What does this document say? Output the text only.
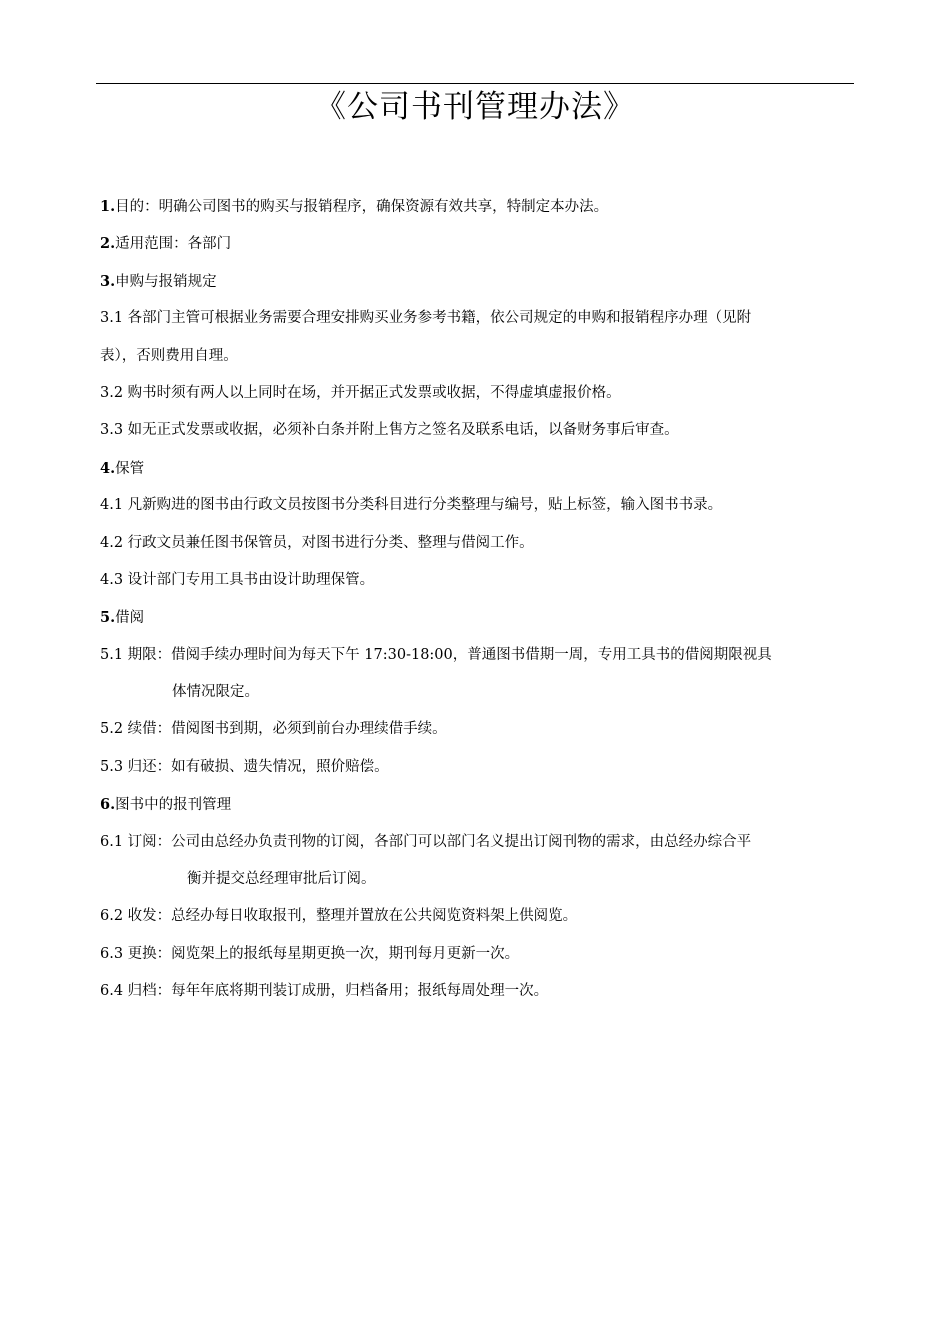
《公司书刊管理办法》
1.目的：明确公司图书的购买与报销程序，确保资源有效共享，特制定本办法。
2.适用范围：各部门
3.申购与报销规定
3.1 各部门主管可根据业务需要合理安排购买业务参考书籍，依公司规定的申购和报销程序办理（见附
表），否则费用自理。
3.2 购书时须有两人以上同时在场，并开据正式发票或收据，不得虚填虚报价格。
3.3 如无正式发票或收据，必须补白条并附上售方之签名及联系电话，以备财务事后审查。
4.保管
4.1 凡新购进的图书由行政文员按图书分类科目进行分类整理与编号，贴上标签，输入图书书录。
4.2 行政文员兼任图书保管员，对图书进行分类、整理与借阅工作。
4.3 设计部门专用工具书由设计助理保管。
5.借阅
5.1 期限：借阅手续办理时间为每天下午 17:30-18:00，普通图书借期一周，专用工具书的借阅期限视具
体情况限定。
5.2 续借：借阅图书到期，必须到前台办理续借手续。
5.3 归还：如有破损、遗失情况，照价赔偿。
6.图书中的报刊管理
6.1 订阅：公司由总经办负责刊物的订阅，各部门可以部门名义提出订阅刊物的需求，由总经办综合平
衡并提交总经理审批后订阅。
6.2 收发：总经办每日收取报刊，整理并置放在公共阅览资料架上供阅览。
6.3 更换：阅览架上的报纸每星期更换一次，期刊每月更新一次。
6.4 归档：每年年底将期刊装订成册，归档备用；报纸每周处理一次。
